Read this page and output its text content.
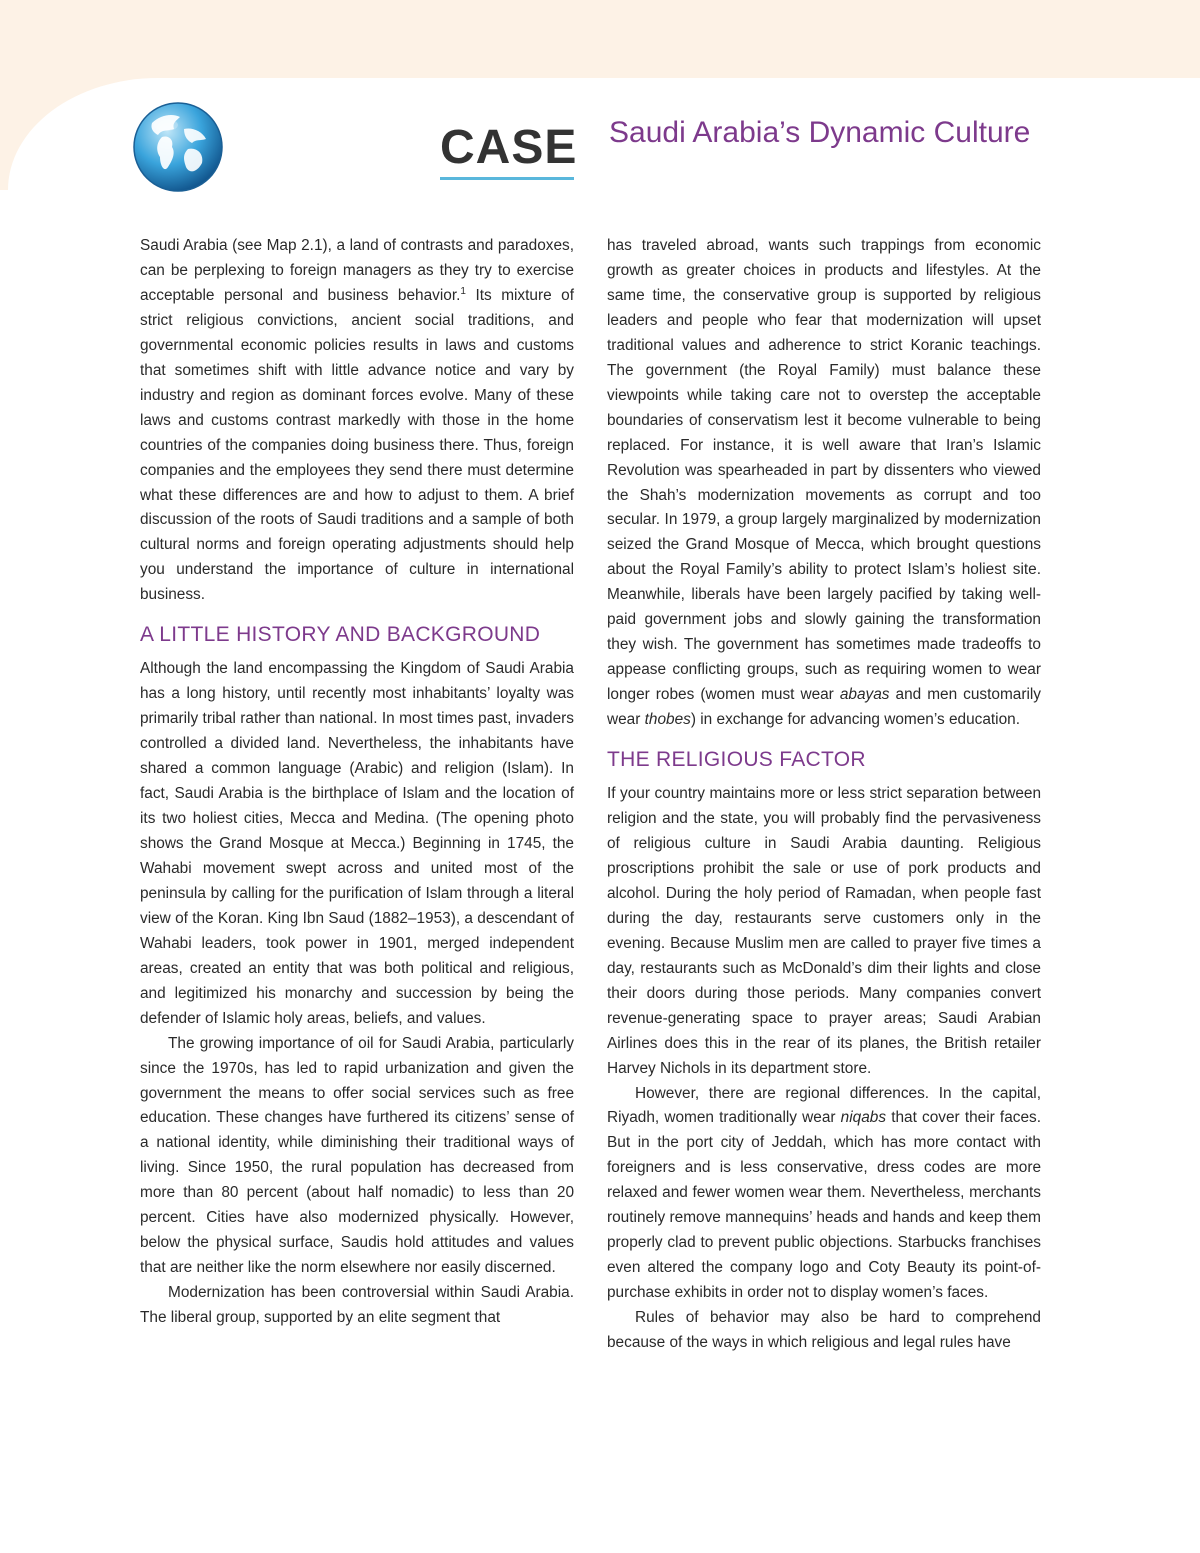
CASE Saudi Arabia’s Dynamic Culture

Saudi Arabia (see Map 2.1), a land of contrasts and paradoxes, can be perplexing to foreign managers as they try to exercise acceptable personal and business behavior.$^1$ Its mixture of strict religious convictions, ancient social traditions, and governmental economic policies results in laws and customs that sometimes shift with little advance notice and vary by industry and region as dominant forces evolve. Many of these laws and customs contrast markedly with those in the home countries of the companies doing business there. Thus, foreign companies and the employees they send there must determine what these differences are and how to adjust to them. A brief discussion of the roots of Saudi traditions and a sample of both cultural norms and foreign operating adjustments should help you understand the importance of culture in international business.

A LITTLE HISTORY AND BACKGROUND

Although the land encompassing the Kingdom of Saudi Arabia has a long history, until recently most inhabitants’ loyalty was primarily tribal rather than national. In most times past, invaders controlled a divided land. Nevertheless, the inhabitants have shared a common language (Arabic) and religion (Islam). In fact, Saudi Arabia is the birthplace of Islam and the location of its two holiest cities, Mecca and Medina. (The opening photo shows the Grand Mosque at Mecca.) Beginning in 1745, the Wahabi movement swept across and united most of the peninsula by calling for the purification of Islam through a literal view of the Koran. King Ibn Saud (1882–1953), a descendant of Wahabi leaders, took power in 1901, merged independent areas, created an entity that was both political and religious, and legitimized his monarchy and succession by being the defender of Islamic holy areas, beliefs, and values.

The growing importance of oil for Saudi Arabia, particularly since the 1970s, has led to rapid urbanization and given the government the means to offer social services such as free education. These changes have furthered its citizens’ sense of a national identity, while diminishing their traditional ways of living. Since 1950, the rural population has decreased from more than 80 percent (about half nomadic) to less than 20 percent. Cities have also modernized physically. However, below the physical surface, Saudis hold attitudes and values that are neither like the norm elsewhere nor easily discerned.

Modernization has been controversial within Saudi Arabia. The liberal group, supported by an elite segment that

has traveled abroad, wants such trappings from economic growth as greater choices in products and lifestyles. At the same time, the conservative group is supported by religious leaders and people who fear that modernization will upset traditional values and adherence to strict Koranic teachings. The government (the Royal Family) must balance these viewpoints while taking care not to overstep the acceptable boundaries of conservatism lest it become vulnerable to being replaced. For instance, it is well aware that Iran’s Islamic Revolution was spearheaded in part by dissenters who viewed the Shah’s modernization movements as corrupt and too secular. In 1979, a group largely marginalized by modernization seized the Grand Mosque of Mecca, which brought questions about the Royal Family’s ability to protect Islam’s holiest site. Meanwhile, liberals have been largely pacified by taking well-paid government jobs and slowly gaining the transformation they wish. The government has sometimes made tradeoffs to appease conflicting groups, such as requiring women to wear longer robes (women must wear abayas and men customarily wear thobes) in exchange for advancing women’s education.

THE RELIGIOUS FACTOR

If your country maintains more or less strict separation between religion and the state, you will probably find the pervasiveness of religious culture in Saudi Arabia daunting. Religious proscriptions prohibit the sale or use of pork products and alcohol. During the holy period of Ramadan, when people fast during the day, restaurants serve customers only in the evening. Because Muslim men are called to prayer five times a day, restaurants such as McDonald’s dim their lights and close their doors during those periods. Many companies convert revenue-generating space to prayer areas; Saudi Arabian Airlines does this in the rear of its planes, the British retailer Harvey Nichols in its department store.

However, there are regional differences. In the capital, Riyadh, women traditionally wear niqabs that cover their faces. But in the port city of Jeddah, which has more contact with foreigners and is less conservative, dress codes are more relaxed and fewer women wear them. Nevertheless, merchants routinely remove mannequins’ heads and hands and keep them properly clad to prevent public objections. Starbucks franchises even altered the company logo and Coty Beauty its point-of-purchase exhibits in order not to display women’s faces.

Rules of behavior may also be hard to comprehend because of the ways in which religious and legal rules have
